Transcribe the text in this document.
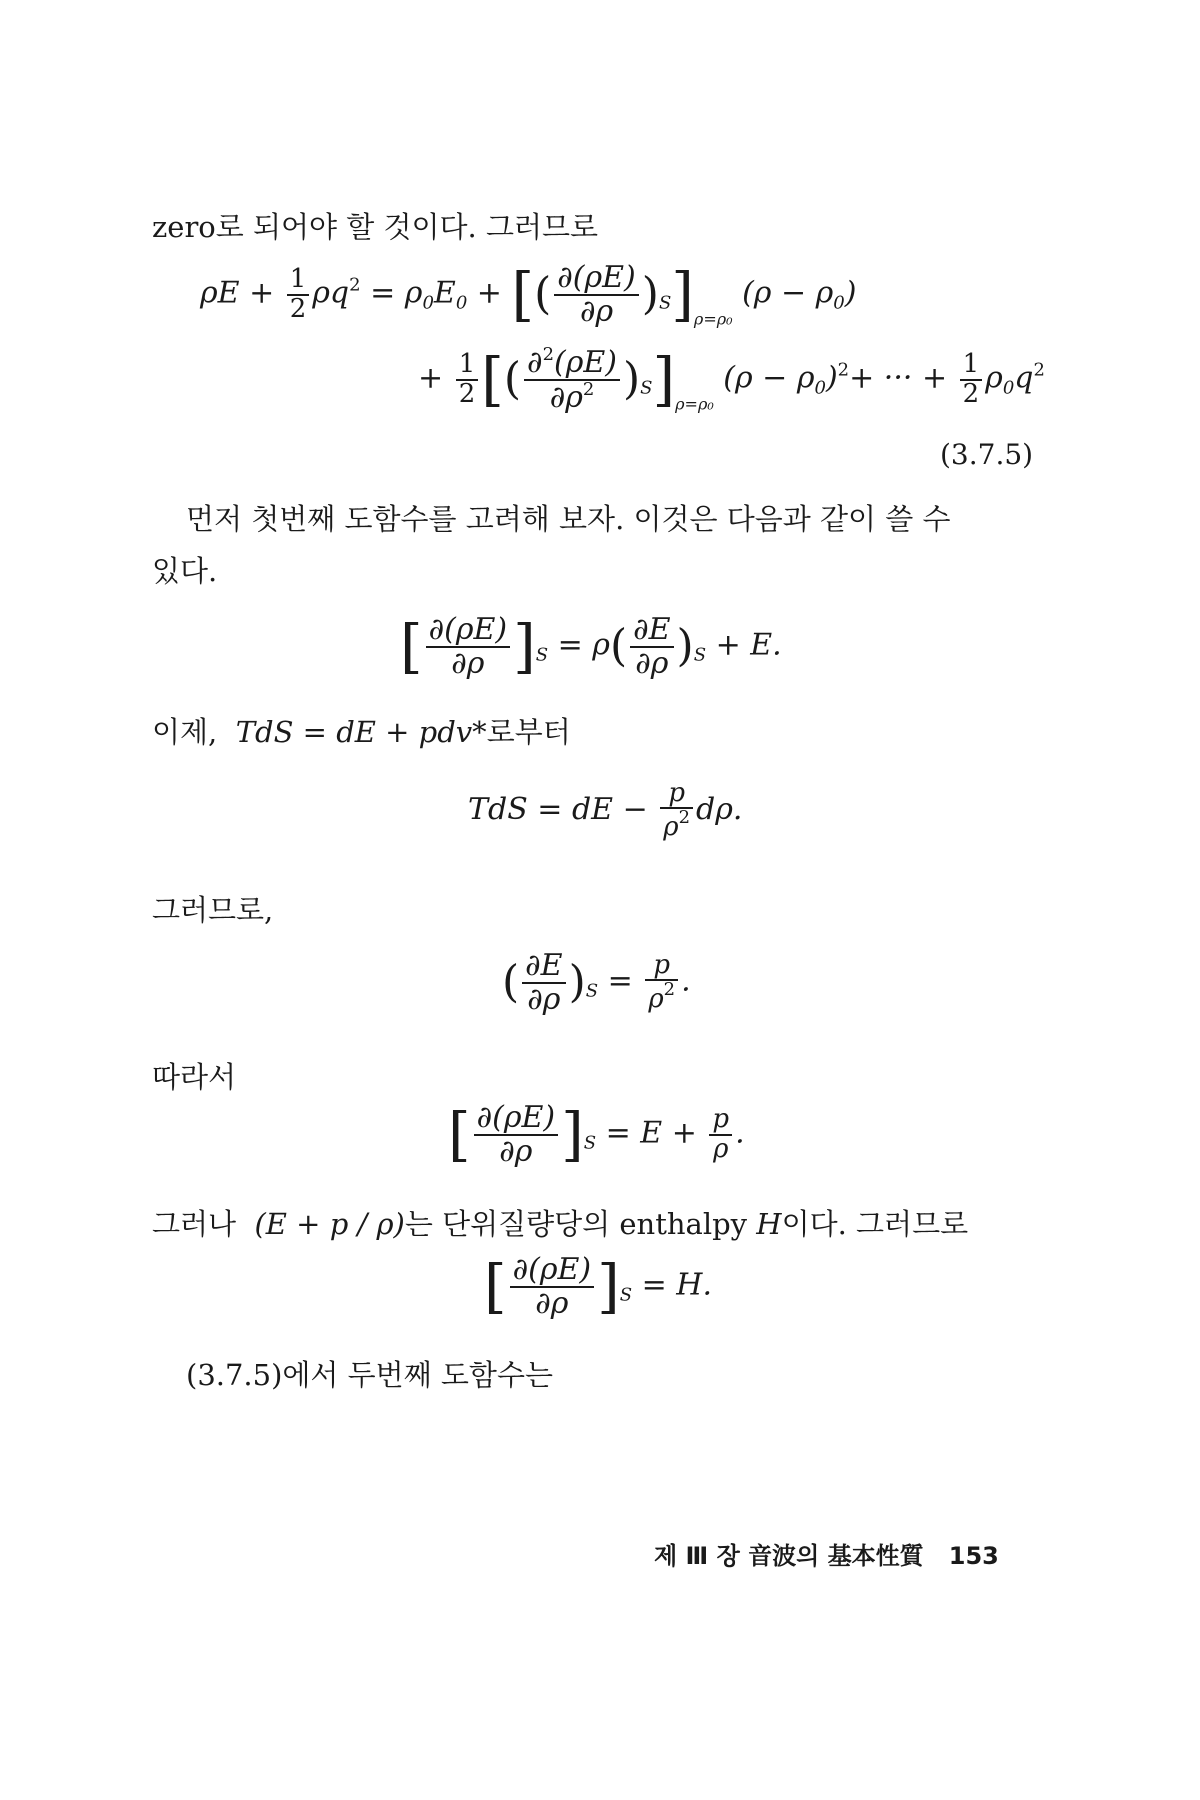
zero로 되어야 할 것이다. 그러므로
$\rho E + \frac{1}{2} \rho q^2 = \rho_0E_0$ + [( $\frac{\partial(\rho E)}{\partial\rho} )_S]_{\rho=\rho_0}$ $(\rho - \rho_0)$
+ $\frac{1}{2}$ [( $\frac{\partial^2(\rho E)}{\partial\rho^2} )_S]_{\rho=\rho_0}$ $(\rho - \rho_0)^2+$ ··· + $\frac{1}{2} \rho_0q^2$
(3.7.5)
먼저 첫번째 도함수를 고려해 보자. 이것은 다음과 같이 쓸 수
있다.
[ $\frac{\partial(\rho E)}{\partial\rho} ]_S = \rho( \frac{\partial E}{\partial\rho} )_S + E$.
이제, TdS = dE + pdv*로부터
TdS = dE − $\frac{p}{\rho^2} d\rho$.
그러므로,
( $\frac{\partial E}{\partial\rho} )_S = \frac{p}{\rho^2}$ .
따라서
[ $\frac{\partial(\rho E)}{\partial\rho} ]_S = E + \frac{p}{\rho}$ .
그러나 (E + p / ρ)는 단위질량당의 enthalpy H이다. 그러므로
[ $\frac{\partial(\rho E)}{\partial\rho} ]_S = H$.
(3.7.5)에서 두번째 도함수는
제 Ⅲ 장 音波의 基本性質 153
